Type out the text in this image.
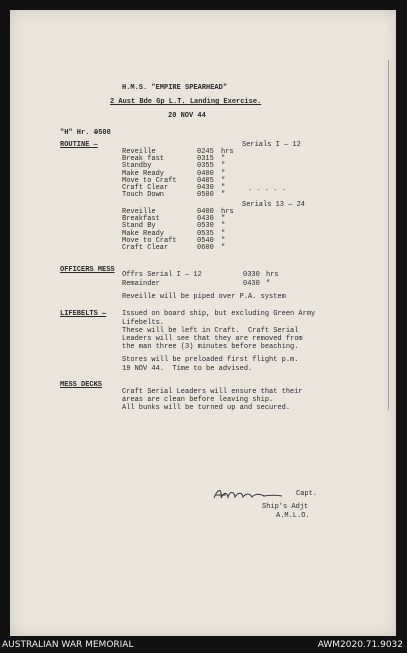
H.M.S. "EMPIRE SPEARHEAD"
2 Aust Bde Gp L.T. Landing Exercise.
20 NOV 44
"H" Hr. —
0500
ROUTINE —
Reveille	0245 hrs
Break fast	0315 "
Standby	0355 "
Make Ready	0400 "
Move to Craft	0405 "
Craft Clear	0430 "
Touch Down	0500 "
Reveille	0400 hrs
Breakfast	0430 "
Stand By	0530 "
Make Ready	0535 "
Move to Craft	0540 "
Craft Clear	0600 "
Serials I — 12
Serials 13 — 24
- - - - -
OFFICERS MESS
Offrs Serial I — 12	0330 hrs
Remainder	0430 "
Reveille will be piped over P.A. system
LIFEBELTS — Issued on board ship, but excluding Green Army
Lifebelts.
These will be left in Craft.  Craft Serial
Leaders will see that they are removed from
the man three (3) minutes before beaching.
Stores will be preloaded first flight p.m.
19 NOV 44.  Time to be advised.
MESS DECKS
Craft Serial Leaders will ensure that their
areas are clean before leaving ship.
All bunks will be turned up and secured.
Capt.
Ship's Adjt
A.M.L.O.
AUSTRALIAN WAR MEMORIAL	AWM2020.71.9032
